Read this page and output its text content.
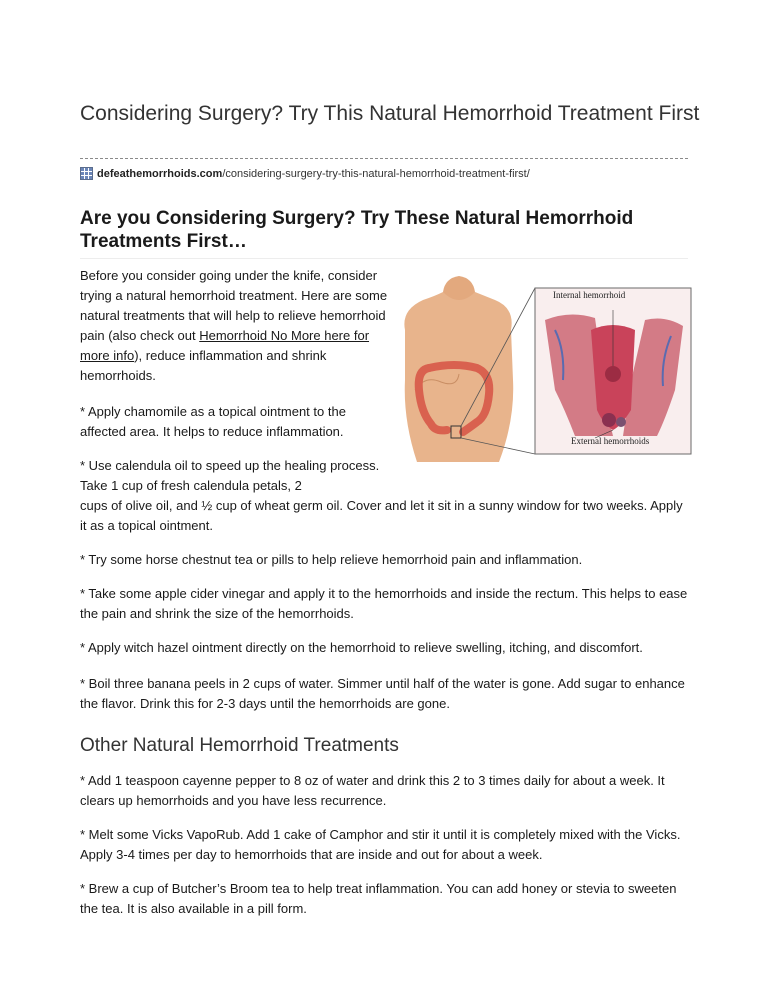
Considering Surgery? Try This Natural Hemorrhoid Treatment First
defeathemorrhoids.com/considering-surgery-try-this-natural-hemorrhoid-treatment-first/
Are you Considering Surgery? Try These Natural Hemorrhoid Treatments First…

Before you consider going under the knife, consider trying a natural hemorrhoid treatment. Here are some natural treatments that will help to relieve hemorrhoid pain (also check out Hemorrhoid No More here for more info), reduce inflammation and shrink hemorrhoids.

* Apply chamomile as a topical ointment to the affected area. It helps to reduce inflammation.

* Use calendula oil to speed up the healing process. Take 1 cup of fresh calendula petals, 2

cups of olive oil, and ½ cup of wheat germ oil. Cover and let it sit in a sunny window for two weeks. Apply it as a topical ointment.

* Try some horse chestnut tea or pills to help relieve hemorrhoid pain and inflammation.

* Take some apple cider vinegar and apply it to the hemorrhoids and inside the rectum. This helps to ease the pain and shrink the size of the hemorrhoids.

* Apply witch hazel ointment directly on the hemorrhoid to relieve swelling, itching, and discomfort.

* Boil three banana peels in 2 cups of water. Simmer until half of the water is gone. Add sugar to enhance the flavor. Drink this for 2-3 days until the hemorrhoids are gone.

Other Natural Hemorrhoid Treatments

* Add 1 teaspoon cayenne pepper to 8 oz of water and drink this 2 to 3 times daily for about a week. It clears up hemorrhoids and you have less recurrence.

* Melt some Vicks VapoRub. Add 1 cake of Camphor and stir it until it is completely mixed with the Vicks. Apply 3-4 times per day to hemorrhoids that are inside and out for about a week.

* Brew a cup of Butcher’s Broom tea to help treat inflammation. You can add honey or stevia to sweeten the tea. It is also available in a pill form.

Internal hemorrhoid
External hemorrhoids
